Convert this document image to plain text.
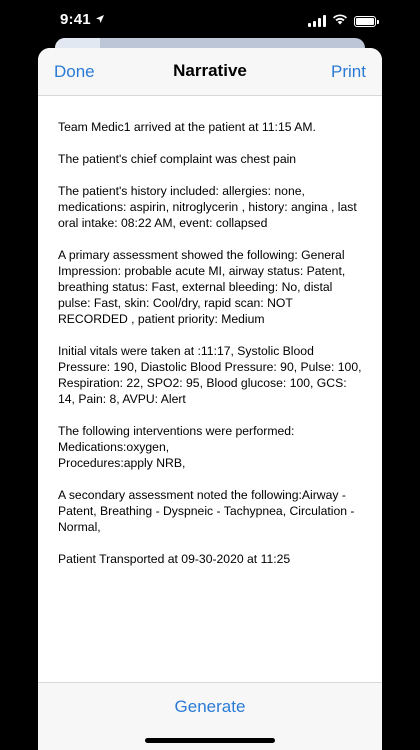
9:41
Done	Narrative	Print

Team Medic1 arrived at the patient at 11:15 AM.

The patient's chief complaint was chest pain

The patient's history included: allergies: none, medications: aspirin, nitroglycerin , history: angina , last oral intake: 08:22 AM, event: collapsed

A primary assessment showed the following: General Impression: probable acute MI, airway status: Patent, breathing status: Fast, external bleeding: No, distal pulse: Fast, skin: Cool/dry, rapid scan: NOT RECORDED , patient priority: Medium

Initial vitals were taken at :11:17, Systolic Blood Pressure: 190, Diastolic Blood Pressure: 90, Pulse: 100, Respiration: 22, SPO2: 95, Blood glucose: 100, GCS: 14, Pain: 8, AVPU: Alert

The following interventions were performed:
Medications:oxygen,
Procedures:apply NRB,

A secondary assessment noted the following:Airway - Patent, Breathing - Dyspneic - Tachypnea, Circulation - Normal,

Patient Transported at 09-30-2020 at 11:25

Generate
